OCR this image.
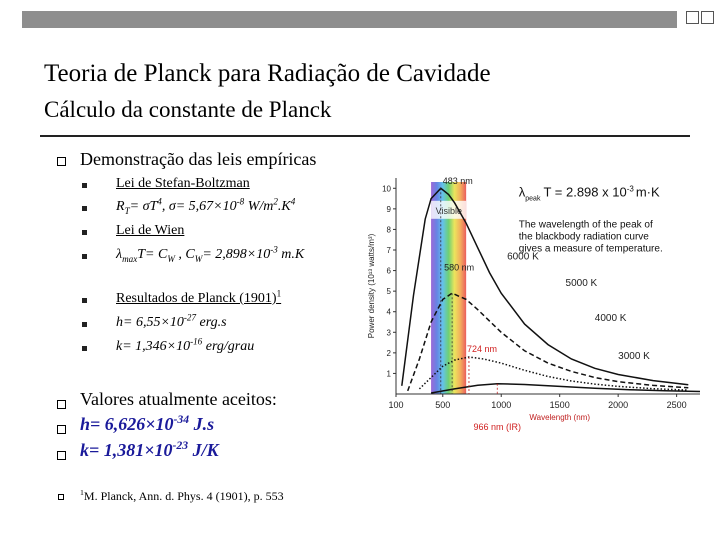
Teoria de Planck para Radiação de Cavidade
Cálculo da constante de Planck
Demonstração das leis empíricas
Lei de Stefan-Boltzman
$R_T= \sigma T^4$, $\sigma= 5,67\times 10^{-8}$ $W/m^2.K^4$
Lei de Wien
$\lambda_{max}T= C_W$ , $C_W= 2,898\times 10^{-3}$ m.K
Resultados de Planck $(1901)^1$
$h= 6,55\times 10^{-27}$ erg.s
$k= 1,346\times 10^{-16}$ erg/grau
Valores atualmente aceitos:
$h= 6,626\times 10^{-34}$ J.s
$k= 1,381\times 10^{-23}$ J/K
$^1$M. Planck, Ann. d. Phys. 4 (1901), p. 553
Visible
100	500	1000	1500	2000	2500
1
2
3
4
5
6
7
8
9
10
Wavelength (nm)
Power density (10¹³ watts/m³)	6000 K
5000 K
4000 K
3000 K
483 nm
580 nm
724 nm
966 nm (IR)
$\lambda_{peak}$ T = 2.898 x $10^{-3}$ m·K
The wavelength of the peak of
the blackbody radiation curve
gives a measure of temperature.
